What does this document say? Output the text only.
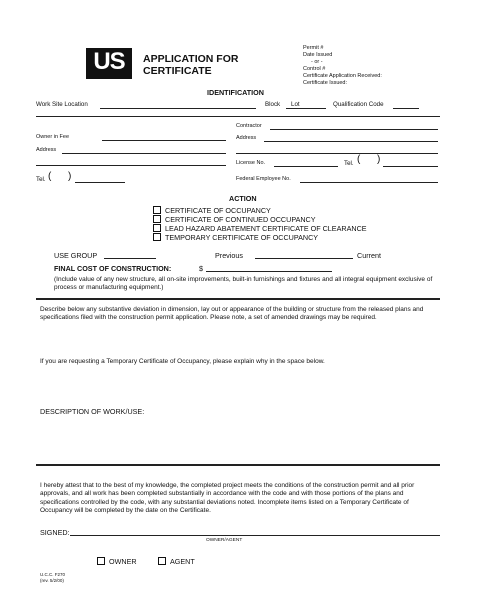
US	APPLICATION FOR
CERTIFICATE
Permit #
Date Issued
- or -
Control #
Certificate Application Received:
Certificate Issued:
IDENTIFICATION
Work Site Location	Block Lot	Qualification Code
Contractor
Owner in Fee	Address
Address
License No.	Tel. (      )
Tel. (      )	Federal Employee No.
ACTION
CERTIFICATE OF OCCUPANCY
CERTIFICATE OF CONTINUED OCCUPANCY
LEAD HAZARD ABATEMENT CERTIFICATE OF CLEARANCE
TEMPORARY CERTIFICATE OF OCCUPANCY
USE GROUP	Previous	Current
FINAL COST OF CONSTRUCTION:	$
(Include value of any new structure, all on-site improvements, built-in furnishings and fixtures and all integral equipment exclusive of process or manufacturing equipment.)
Describe below any substantive deviation in dimension, lay out or appearance of the building or structure from the released plans and specifications filed with the construction permit application. Please note, a set of amended drawings may be required.
If you are requesting a Temporary Certificate of Occupancy, please explain why in the space below.
DESCRIPTION OF WORK/USE:
I hereby attest that to the best of my knowledge, the completed project meets the conditions of the construction permit and all prior approvals, and all work has been completed substantially in accordance with the code and with those portions of the plans and specifications controlled by the code, with any substantial deviations noted. Incomplete items listed on a Temporary Certificate of Occupancy will be completed by the date on the Certificate.
SIGNED:
OWNER/AGENT
OWNER	AGENT
U.C.C. F270
(rev. 5/2/00)
